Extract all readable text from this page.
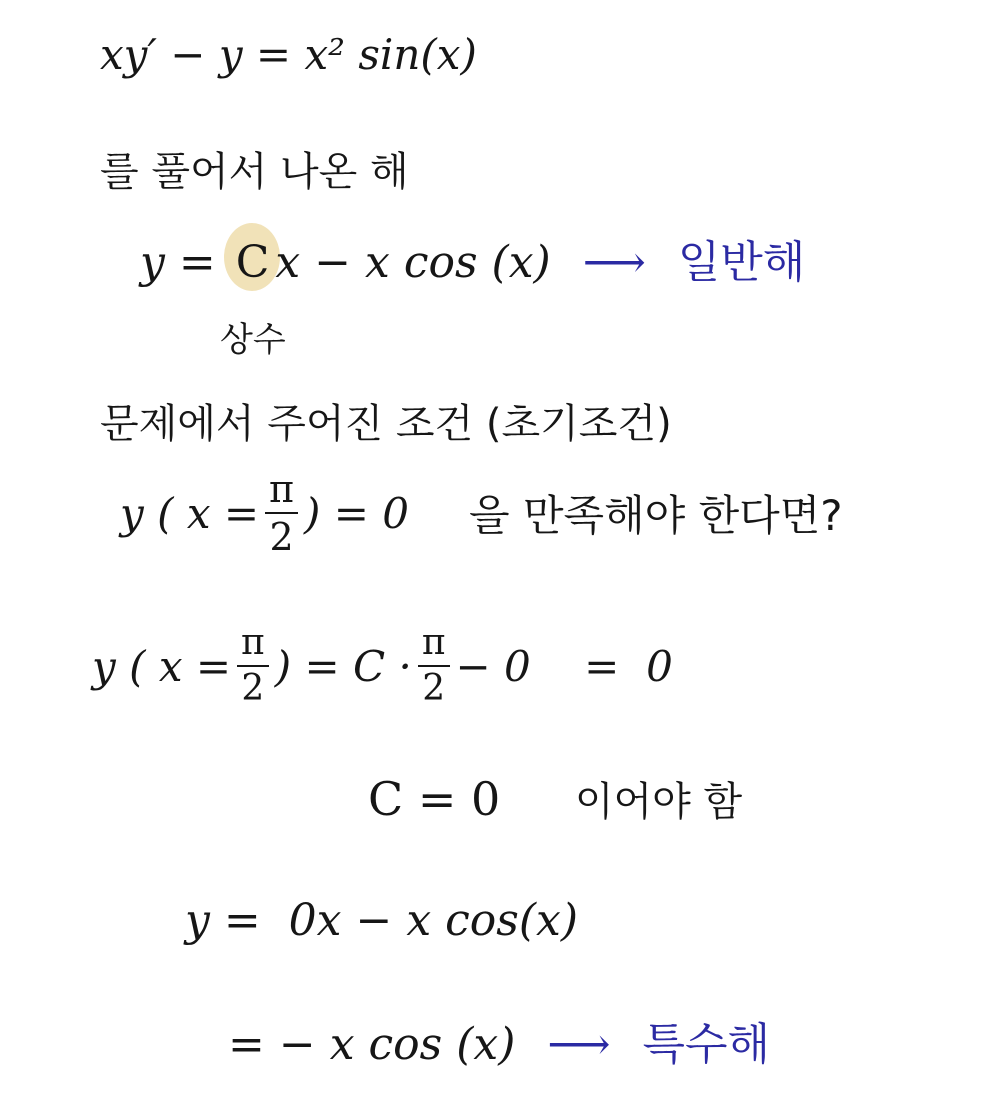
xy′ − y = x² sin(x)
를 풀어서 나온 해
y = C x − x cos (x) ⟶ 일반해
상수
문제에서 주어진 조건 (초기조건)
y ( $x = \frac{\pi}{2}$ ) = 0 을 만족해야 한다면?
y ( $x = \frac{\pi}{2}$ ) = $C \cdot \frac{\pi}{2} - 0$    =  0
C = 0 이어야 함
y =  0x − x cos(x)
= − x cos (x) ⟶ 특수해
